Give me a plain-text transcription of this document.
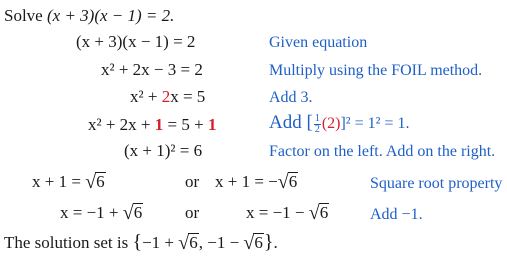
Solve (x + 3)(x − 1) = 2.
(x + 3)(x − 1) = 2	Given equation
x² + 2x − 3 = 2	Multiply using the FOIL method.
x² + 2x = 5	Add 3.
x² + 2x + 1 = 5 + 1	Add [ $\frac{1}{2} (2)]^2 = 1^2 = 1$.
(x + 1)² = 6	Factor on the left. Add on the right.
x + 1 = √6	or x + 1 = −√6	Square root property
x = −1 + √6	or	x = −1 − √6	Add −1.
The solution set is {−1 + √6, −1 − √6}.
